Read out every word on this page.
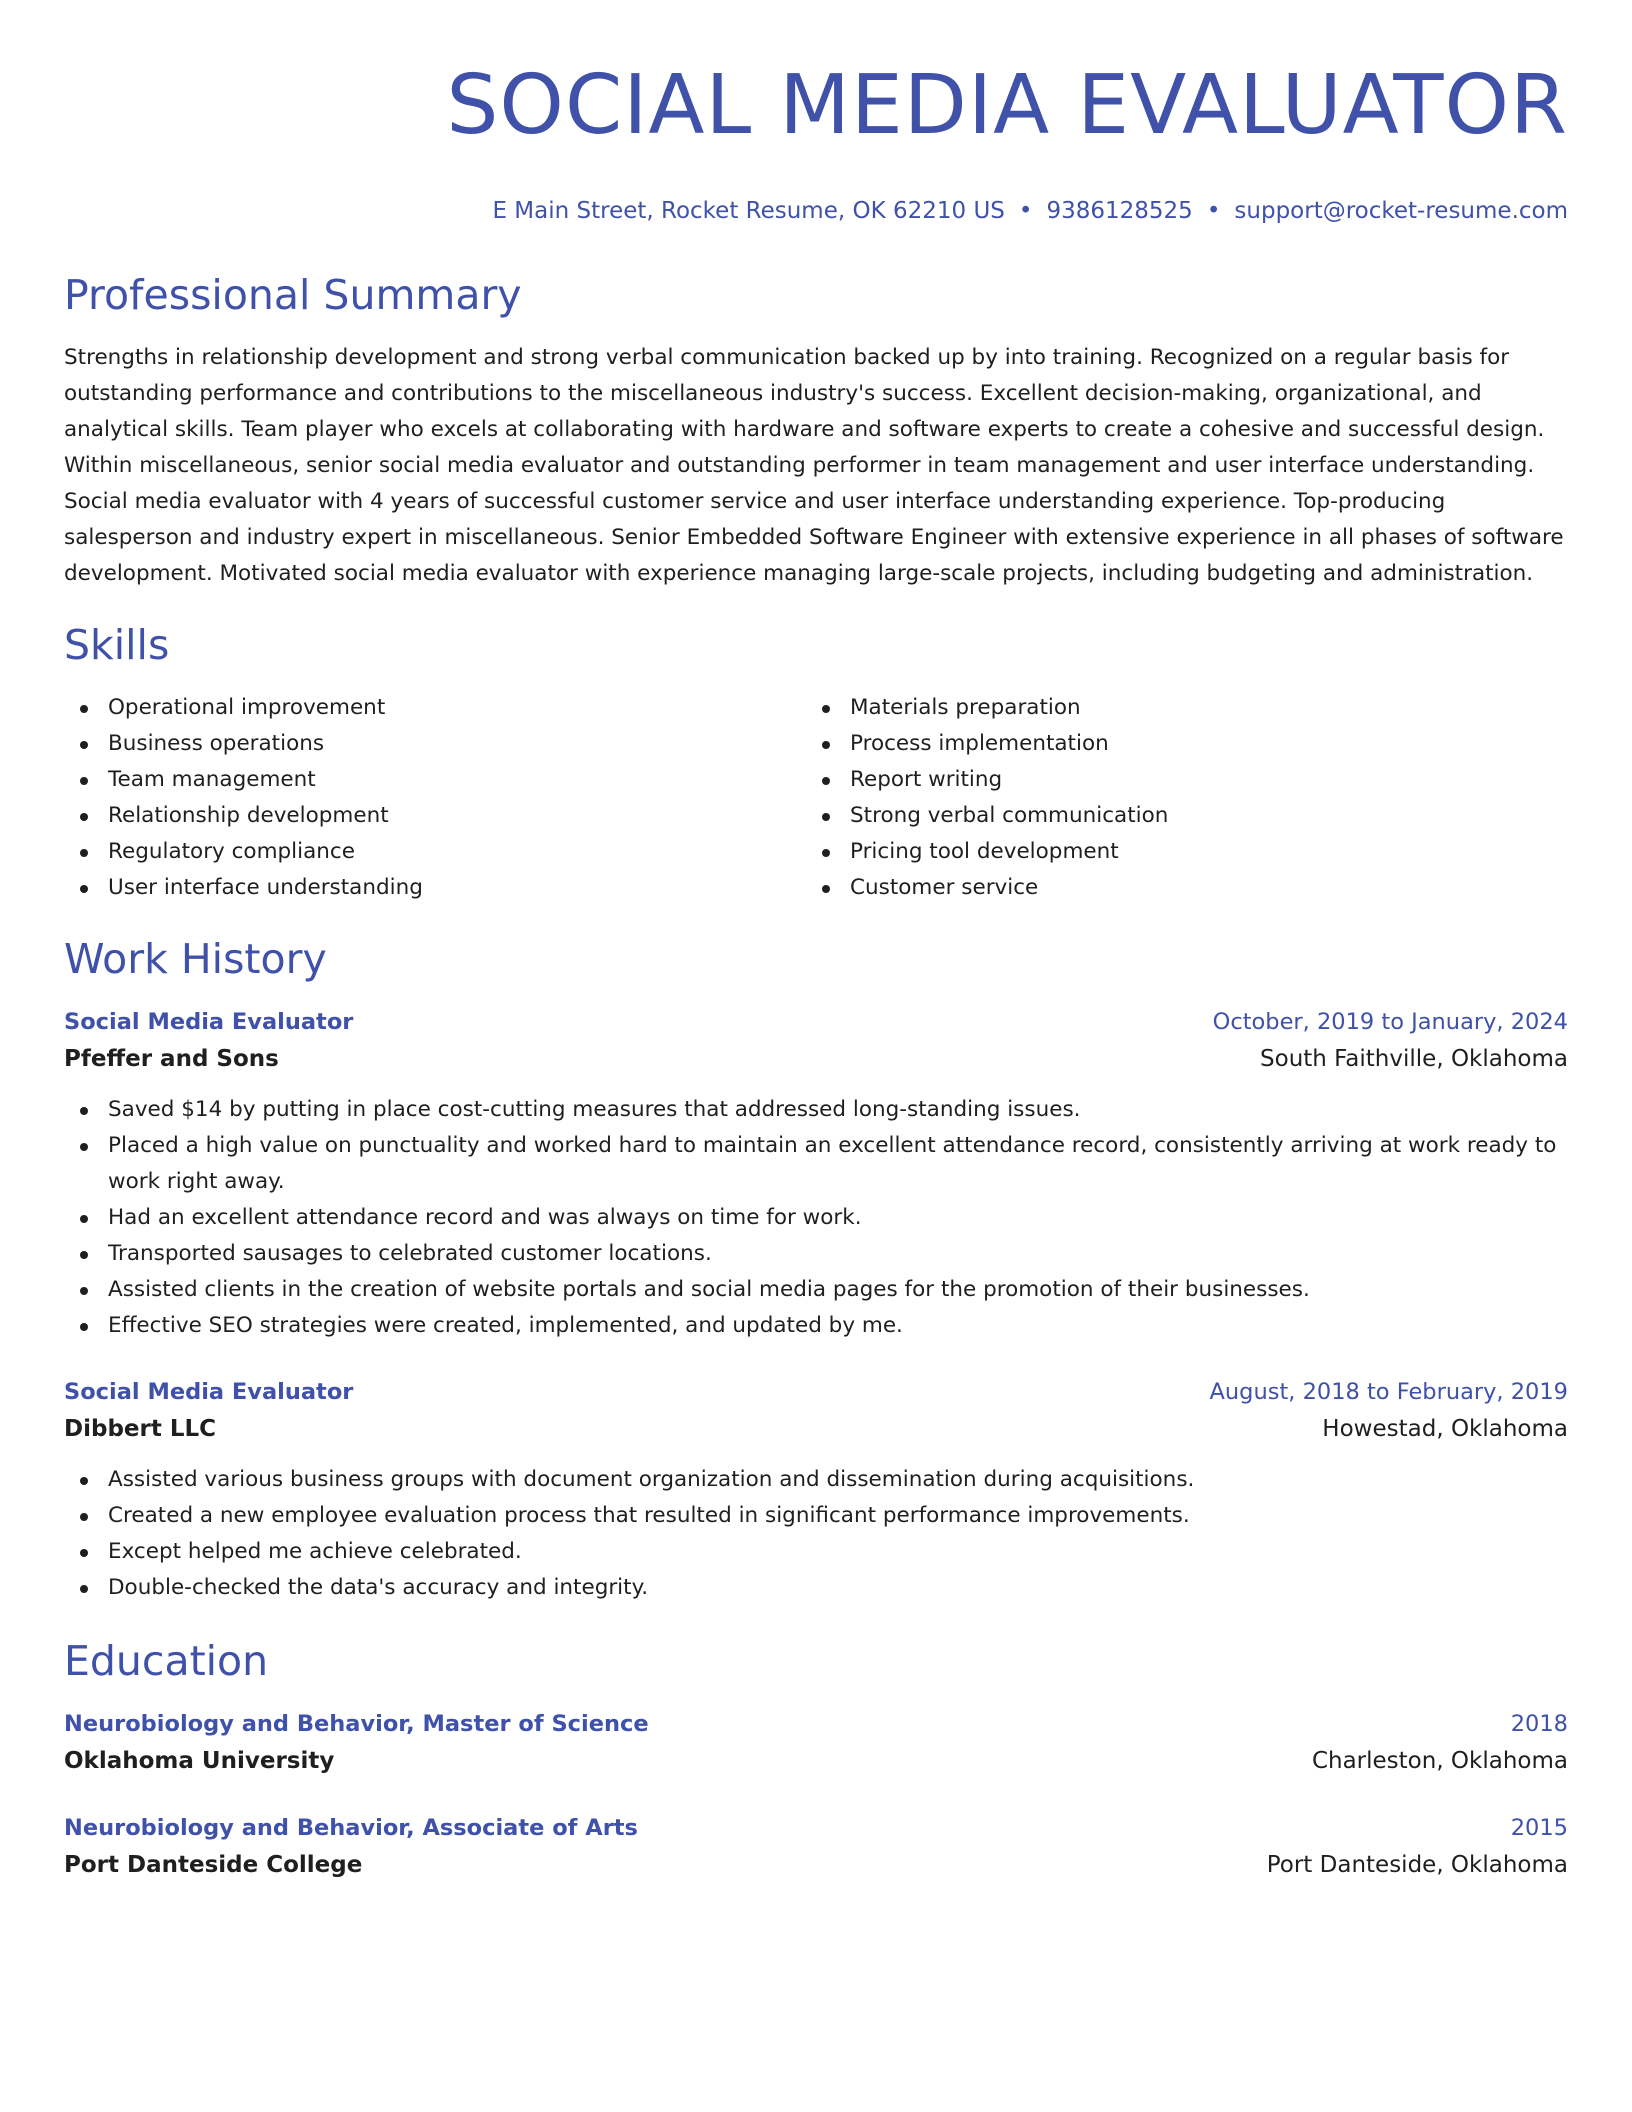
SOCIAL MEDIA EVALUATOR
E Main Street, Rocket Resume, OK 62210 US • 9386128525 • support@rocket-resume.com
Professional Summary
Strengths in relationship development and strong verbal communication backed up by into training. Recognized on a regular basis for outstanding performance and contributions to the miscellaneous industry's success. Excellent decision-making, organizational, and analytical skills. Team player who excels at collaborating with hardware and software experts to create a cohesive and successful design. Within miscellaneous, senior social media evaluator and outstanding performer in team management and user interface understanding. Social media evaluator with 4 years of successful customer service and user interface understanding experience. Top-producing salesperson and industry expert in miscellaneous. Senior Embedded Software Engineer with extensive experience in all phases of software development. Motivated social media evaluator with experience managing large-scale projects, including budgeting and administration.
Skills
Operational improvement
Business operations
Team management
Relationship development
Regulatory compliance
User interface understanding
Materials preparation
Process implementation
Report writing
Strong verbal communication
Pricing tool development
Customer service
Work History
Social Media Evaluator	October, 2019 to January, 2024
Pfeffer and Sons	South Faithville, Oklahoma
Saved $14 by putting in place cost-cutting measures that addressed long-standing issues.
Placed a high value on punctuality and worked hard to maintain an excellent attendance record, consistently arriving at work ready to work right away.
Had an excellent attendance record and was always on time for work.
Transported sausages to celebrated customer locations.
Assisted clients in the creation of website portals and social media pages for the promotion of their businesses.
Effective SEO strategies were created, implemented, and updated by me.
Social Media Evaluator	August, 2018 to February, 2019
Dibbert LLC	Howestad, Oklahoma
Assisted various business groups with document organization and dissemination during acquisitions.
Created a new employee evaluation process that resulted in significant performance improvements.
Except helped me achieve celebrated.
Double-checked the data's accuracy and integrity.
Education
Neurobiology and Behavior, Master of Science	2018
Oklahoma University	Charleston, Oklahoma
Neurobiology and Behavior, Associate of Arts	2015
Port Danteside College	Port Danteside, Oklahoma
